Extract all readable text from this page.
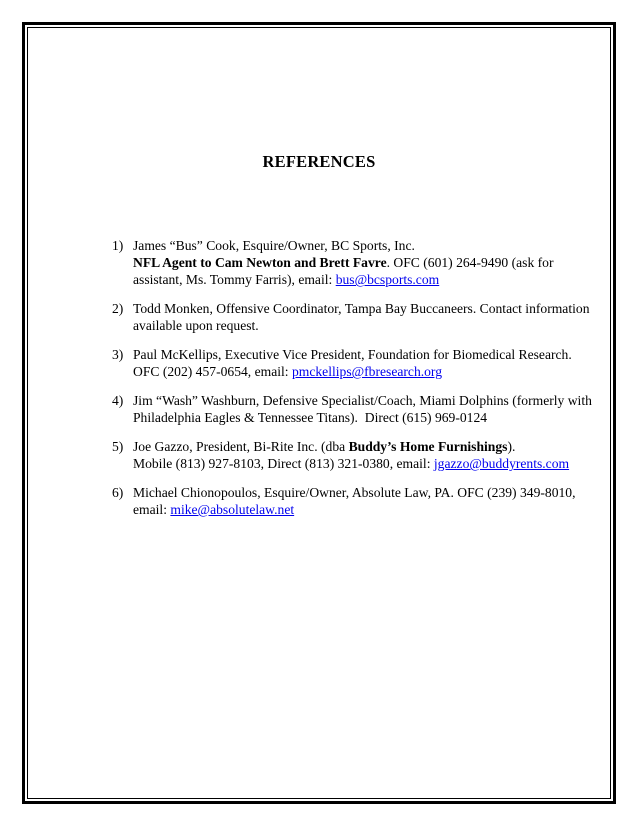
REFERENCES
1) James “Bus” Cook, Esquire/Owner, BC Sports, Inc.
NFL Agent to Cam Newton and Brett Favre. OFC (601) 264-9490 (ask for
assistant, Ms. Tommy Farris), email: bus@bcsports.com
2) Todd Monken, Offensive Coordinator, Tampa Bay Buccaneers. Contact information
available upon request.
3) Paul McKellips, Executive Vice President, Foundation for Biomedical Research.
OFC (202) 457-0654, email: pmckellips@fbresearch.org
4) Jim “Wash” Washburn, Defensive Specialist/Coach, Miami Dolphins (formerly with
Philadelphia Eagles & Tennessee Titans).  Direct (615) 969-0124
5) Joe Gazzo, President, Bi-Rite Inc. (dba Buddy’s Home Furnishings).
Mobile (813) 927-8103, Direct (813) 321-0380, email: jgazzo@buddyrents.com
6) Michael Chionopoulos, Esquire/Owner, Absolute Law, PA. OFC (239) 349-8010,
email: mike@absolutelaw.net
